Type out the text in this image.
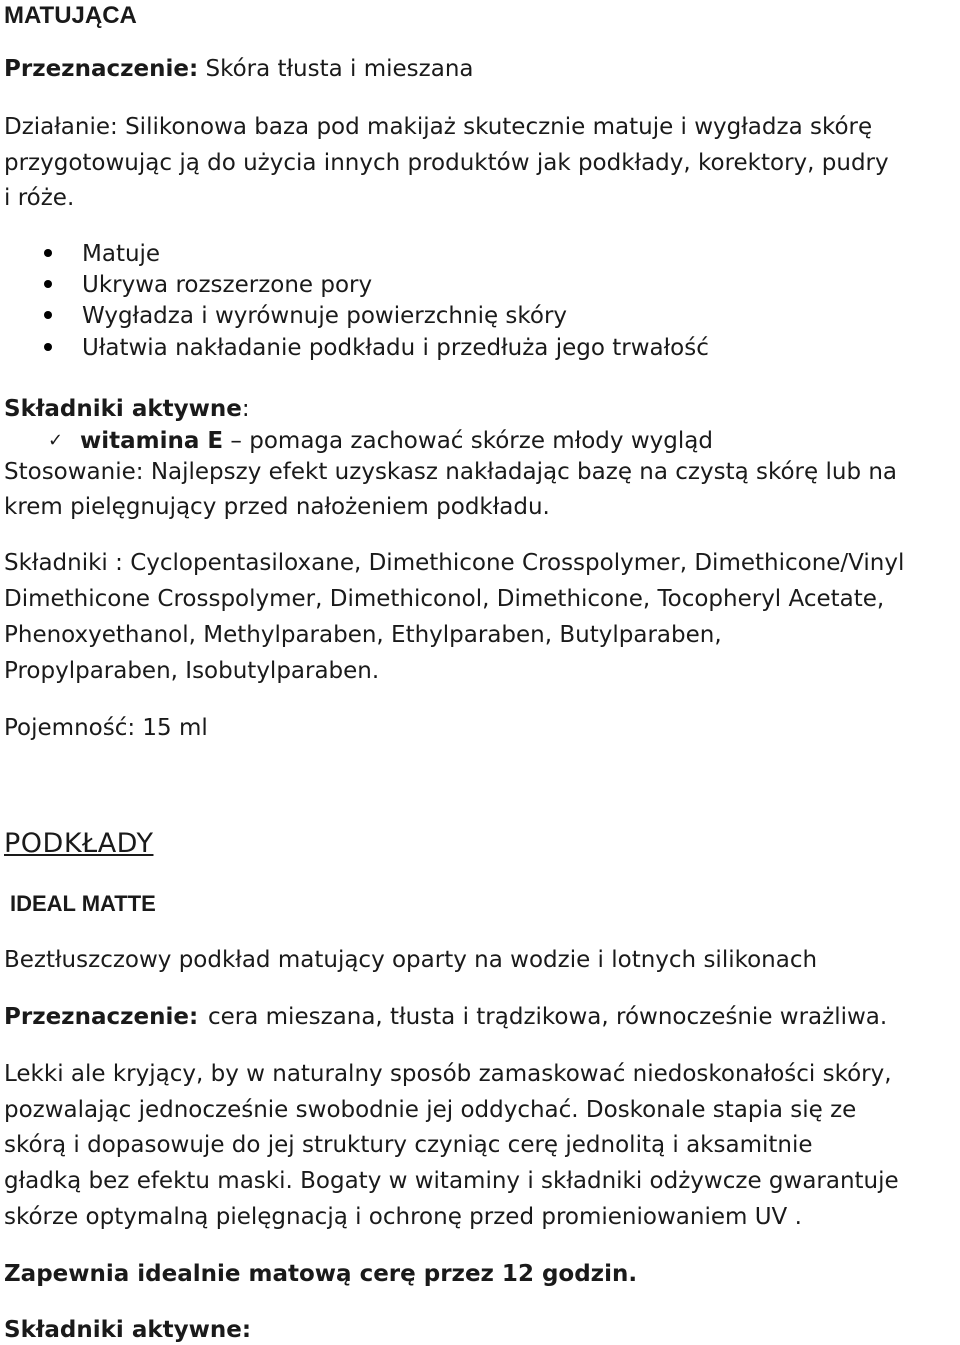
MATUJĄCA
Przeznaczenie: Skóra tłusta i mieszana
Działanie: Silikonowa baza pod makijaż skutecznie matuje i wygładza skórę
przygotowując ją do użycia innych produktów jak podkłady, korektory, pudry
i róże.
Matuje
Ukrywa rozszerzone pory
Wygładza i wyrównuje powierzchnię skóry
Ułatwia nakładanie podkładu i przedłuża jego trwałość
Składniki aktywne:
✓ witamina E – pomaga zachować skórze młody wygląd
Stosowanie: Najlepszy efekt uzyskasz nakładając bazę na czystą skórę lub na
krem pielęgnujący przed nałożeniem podkładu.
Składniki : Cyclopentasiloxane, Dimethicone Crosspolymer, Dimethicone/Vinyl
Dimethicone Crosspolymer, Dimethiconol, Dimethicone, Tocopheryl Acetate,
Phenoxyethanol, Methylparaben, Ethylparaben, Butylparaben,
Propylparaben, Isobutylparaben.
Pojemność: 15 ml
PODKŁADY
IDEAL MATTE
Beztłuszczowy podkład matujący oparty na wodzie i lotnych silikonach
Przeznaczenie: cera mieszana, tłusta i trądzikowa, równocześnie wrażliwa.
Lekki ale kryjący, by w naturalny sposób zamaskować niedoskonałości skóry,
pozwalając jednocześnie swobodnie jej oddychać. Doskonale stapia się ze
skórą i dopasowuje do jej struktury czyniąc cerę jednolitą i aksamitnie
gładką bez efektu maski. Bogaty w witaminy i składniki odżywcze gwarantuje
skórze optymalną pielęgnacją i ochronę przed promieniowaniem UV .
Zapewnia idealnie matową cerę przez 12 godzin.
Składniki aktywne:
